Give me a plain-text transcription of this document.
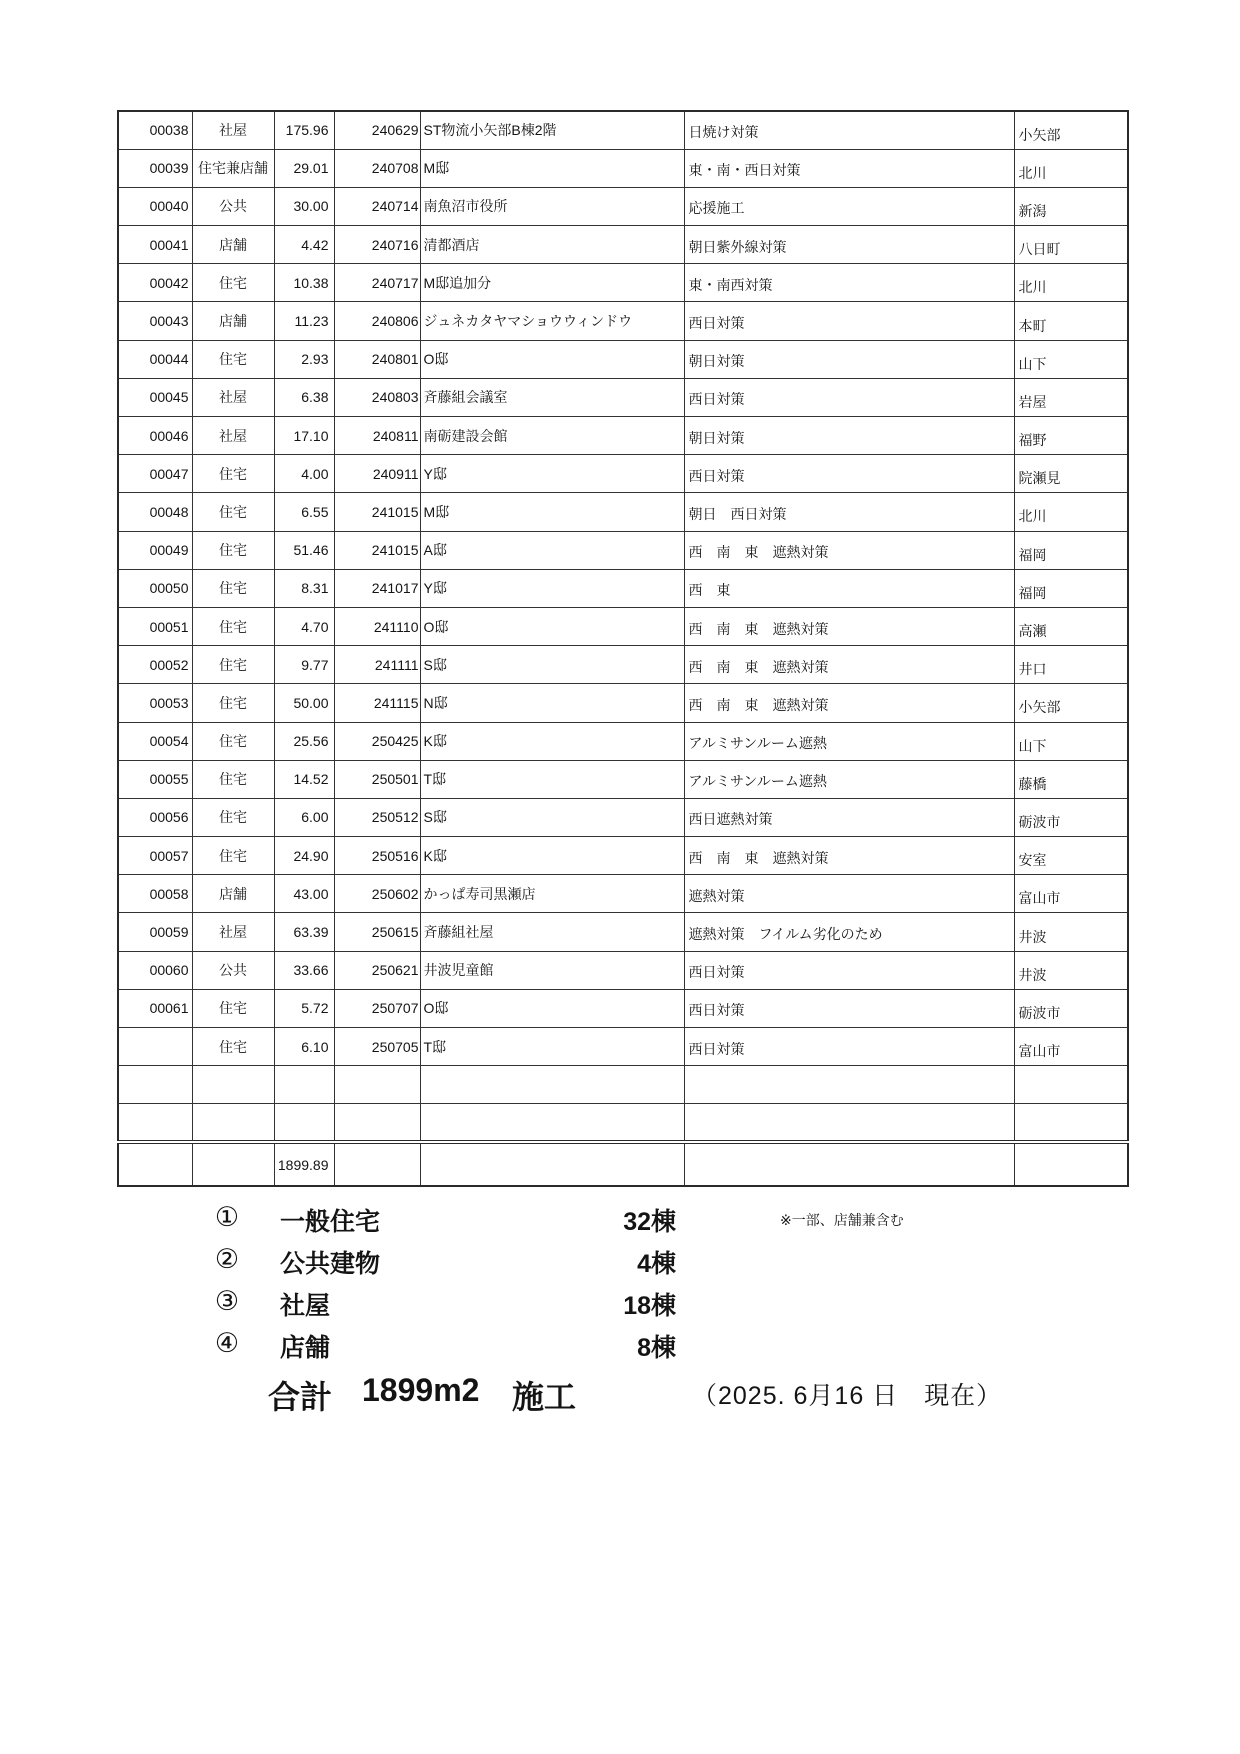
00038	社屋	175.96	240629	ST物流小矢部B棟2階	日焼け対策	小矢部
00039	住宅兼店舗	29.01	240708	M邸	東・南・西日対策	北川
00040	公共	30.00	240714	南魚沼市役所	応援施工	新潟
00041	店舗	4.42	240716	清都酒店	朝日紫外線対策	八日町
00042	住宅	10.38	240717	M邸追加分	東・南西対策	北川
00043	店舗	11.23	240806	ジュネカタヤマショウウィンドウ	西日対策	本町
00044	住宅	2.93	240801	O邸	朝日対策	山下
00045	社屋	6.38	240803	斉藤組会議室	西日対策	岩屋
00046	社屋	17.10	240811	南砺建設会館	朝日対策	福野
00047	住宅	4.00	240911	Y邸	西日対策	院瀬見
00048	住宅	6.55	241015	M邸	朝日　西日対策	北川
00049	住宅	51.46	241015	A邸	西　南　東　遮熱対策	福岡
00050	住宅	8.31	241017	Y邸	西　東	福岡
00051	住宅	4.70	241110	O邸	西　南　東　遮熱対策	高瀬
00052	住宅	9.77	241111	S邸	西　南　東　遮熱対策	井口
00053	住宅	50.00	241115	N邸	西　南　東　遮熱対策	小矢部
00054	住宅	25.56	250425	K邸	アルミサンルーム遮熱	山下
00055	住宅	14.52	250501	T邸	アルミサンルーム遮熱	藤橋
00056	住宅	6.00	250512	S邸	西日遮熱対策	砺波市
00057	住宅	24.90	250516	K邸	西　南　東　遮熱対策	安室
00058	店舗	43.00	250602	かっぱ寿司黒瀬店	遮熱対策	富山市
00059	社屋	63.39	250615	斉藤組社屋	遮熱対策　フイルム劣化のため	井波
00060	公共	33.66	250621	井波児童館	西日対策	井波
00061	住宅	5.72	250707	O邸	西日対策	砺波市
	住宅	6.10	250705	T邸	西日対策	富山市

		1899.89				
① 一般住宅	32棟	※一部、店舗兼含む
② 公共建物	4棟
③ 社屋	18棟
④ 店舗	8棟
合計 1899m2 施工	（2025. 6月16 日　現在）
